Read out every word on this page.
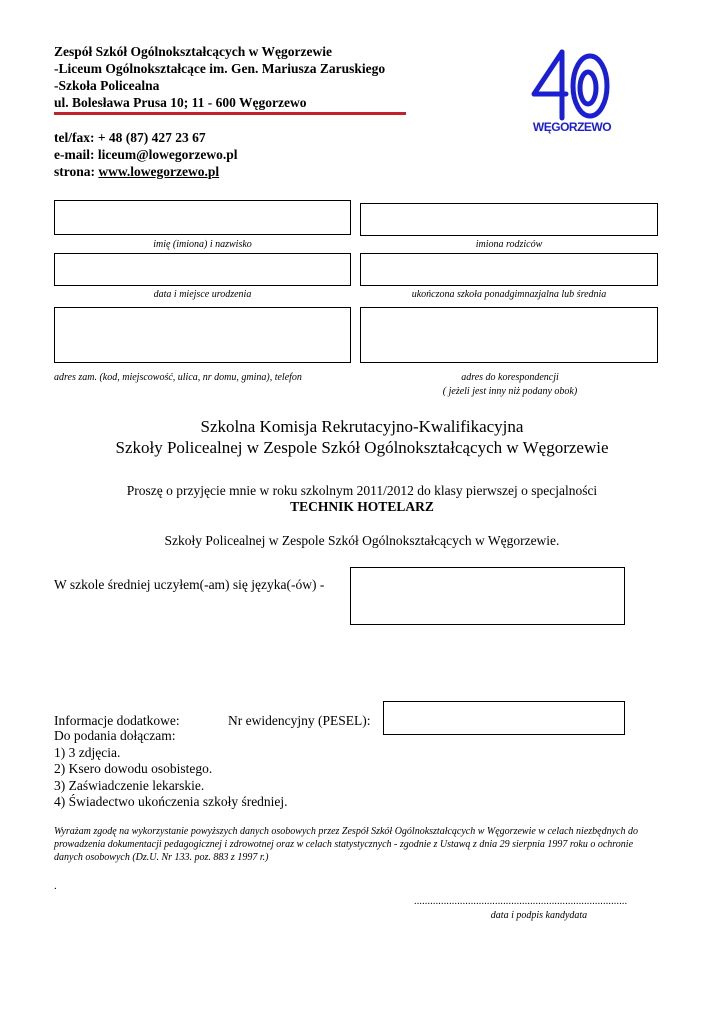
Zespół Szkół Ogólnokształcących w Węgorzewie
-Liceum Ogólnokształcące im. Gen. Mariusza Zaruskiego
-Szkoła Policealna
ul. Bolesława Prusa 10; 11 - 600 Węgorzewo
tel/fax: + 48 (87) 427 23 67
e-mail: liceum@lowegorzewo.pl
strona: www.lowegorzewo.pl
WĘGORZEWO
imię (imiona) i nazwisko	imiona rodziców
data i miejsce urodzenia	ukończona szkoła ponadgimnazjalna lub średnia
adres zam. (kod, miejscowość, ulica, nr domu, gmina), telefon	adres do korespondencji
( jeżeli jest inny niż podany obok)
Szkolna Komisja Rekrutacyjno-Kwalifikacyjna
Szkoły Policealnej w Zespole Szkół Ogólnokształcących w Węgorzewie
Proszę o przyjęcie mnie w roku szkolnym 2011/2012 do klasy pierwszej o specjalności
TECHNIK HOTELARZ
Szkoły Policealnej w Zespole Szkół Ogólnokształcących w Węgorzewie.
W szkole średniej uczyłem(-am) się języka(-ów) -
Informacje dodatkowe:	Nr ewidencyjny (PESEL):
Do podania dołączam:
1) 3 zdjęcia.
2) Ksero dowodu osobistego.
3) Zaświadczenie lekarskie.
4) Świadectwo ukończenia szkoły średniej.
Wyrażam zgodę na wykorzystanie powyższych danych osobowych przez Zespół Szkół Ogólnokształcących w Węgorzewie w celach niezbędnych do prowadzenia dokumentacji pedagogicznej i zdrowotnej oraz w celach statystycznych - zgodnie z Ustawą z dnia 29 sierpnia 1997 roku o ochronie danych osobowych (Dz.U. Nr 133. poz. 883 z 1997 r.)
.
...............................................................................
data i podpis kandydata
